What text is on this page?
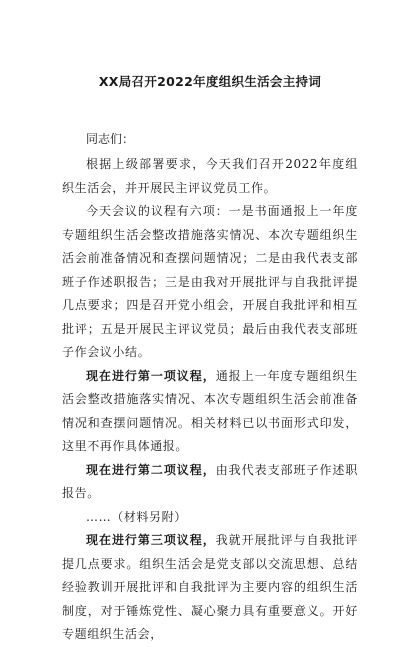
XX局召开2022年度组织生活会主持词
同志们：

根据上级部署要求，今天我们召开2022年度组织生活会，并开展民主评议党员工作。

今天会议的议程有六项：一是书面通报上一年度专题组织生活会整改措施落实情况、本次专题组织生活会前准备情况和查摆问题情况；二是由我代表支部班子作述职报告；三是由我对开展批评与自我批评提几点要求；四是召开党小组会，开展自我批评和相互批评；五是开展民主评议党员；最后由我代表支部班子作会议小结。

现在进行第一项议程，通报上一年度专题组织生活会整改措施落实情况、本次专题组织生活会前准备情况和查摆问题情况。相关材料已以书面形式印发，这里不再作具体通报。

现在进行第二项议程，由我代表支部班子作述职报告。

……（材料另附）

现在进行第三项议程，我就开展批评与自我批评提几点要求。组织生活会是党支部以交流思想、总结经验教训开展批评和自我批评为主要内容的组织生活制度，对于锤炼党性、凝心聚力具有重要意义。开好专题组织生活会，
